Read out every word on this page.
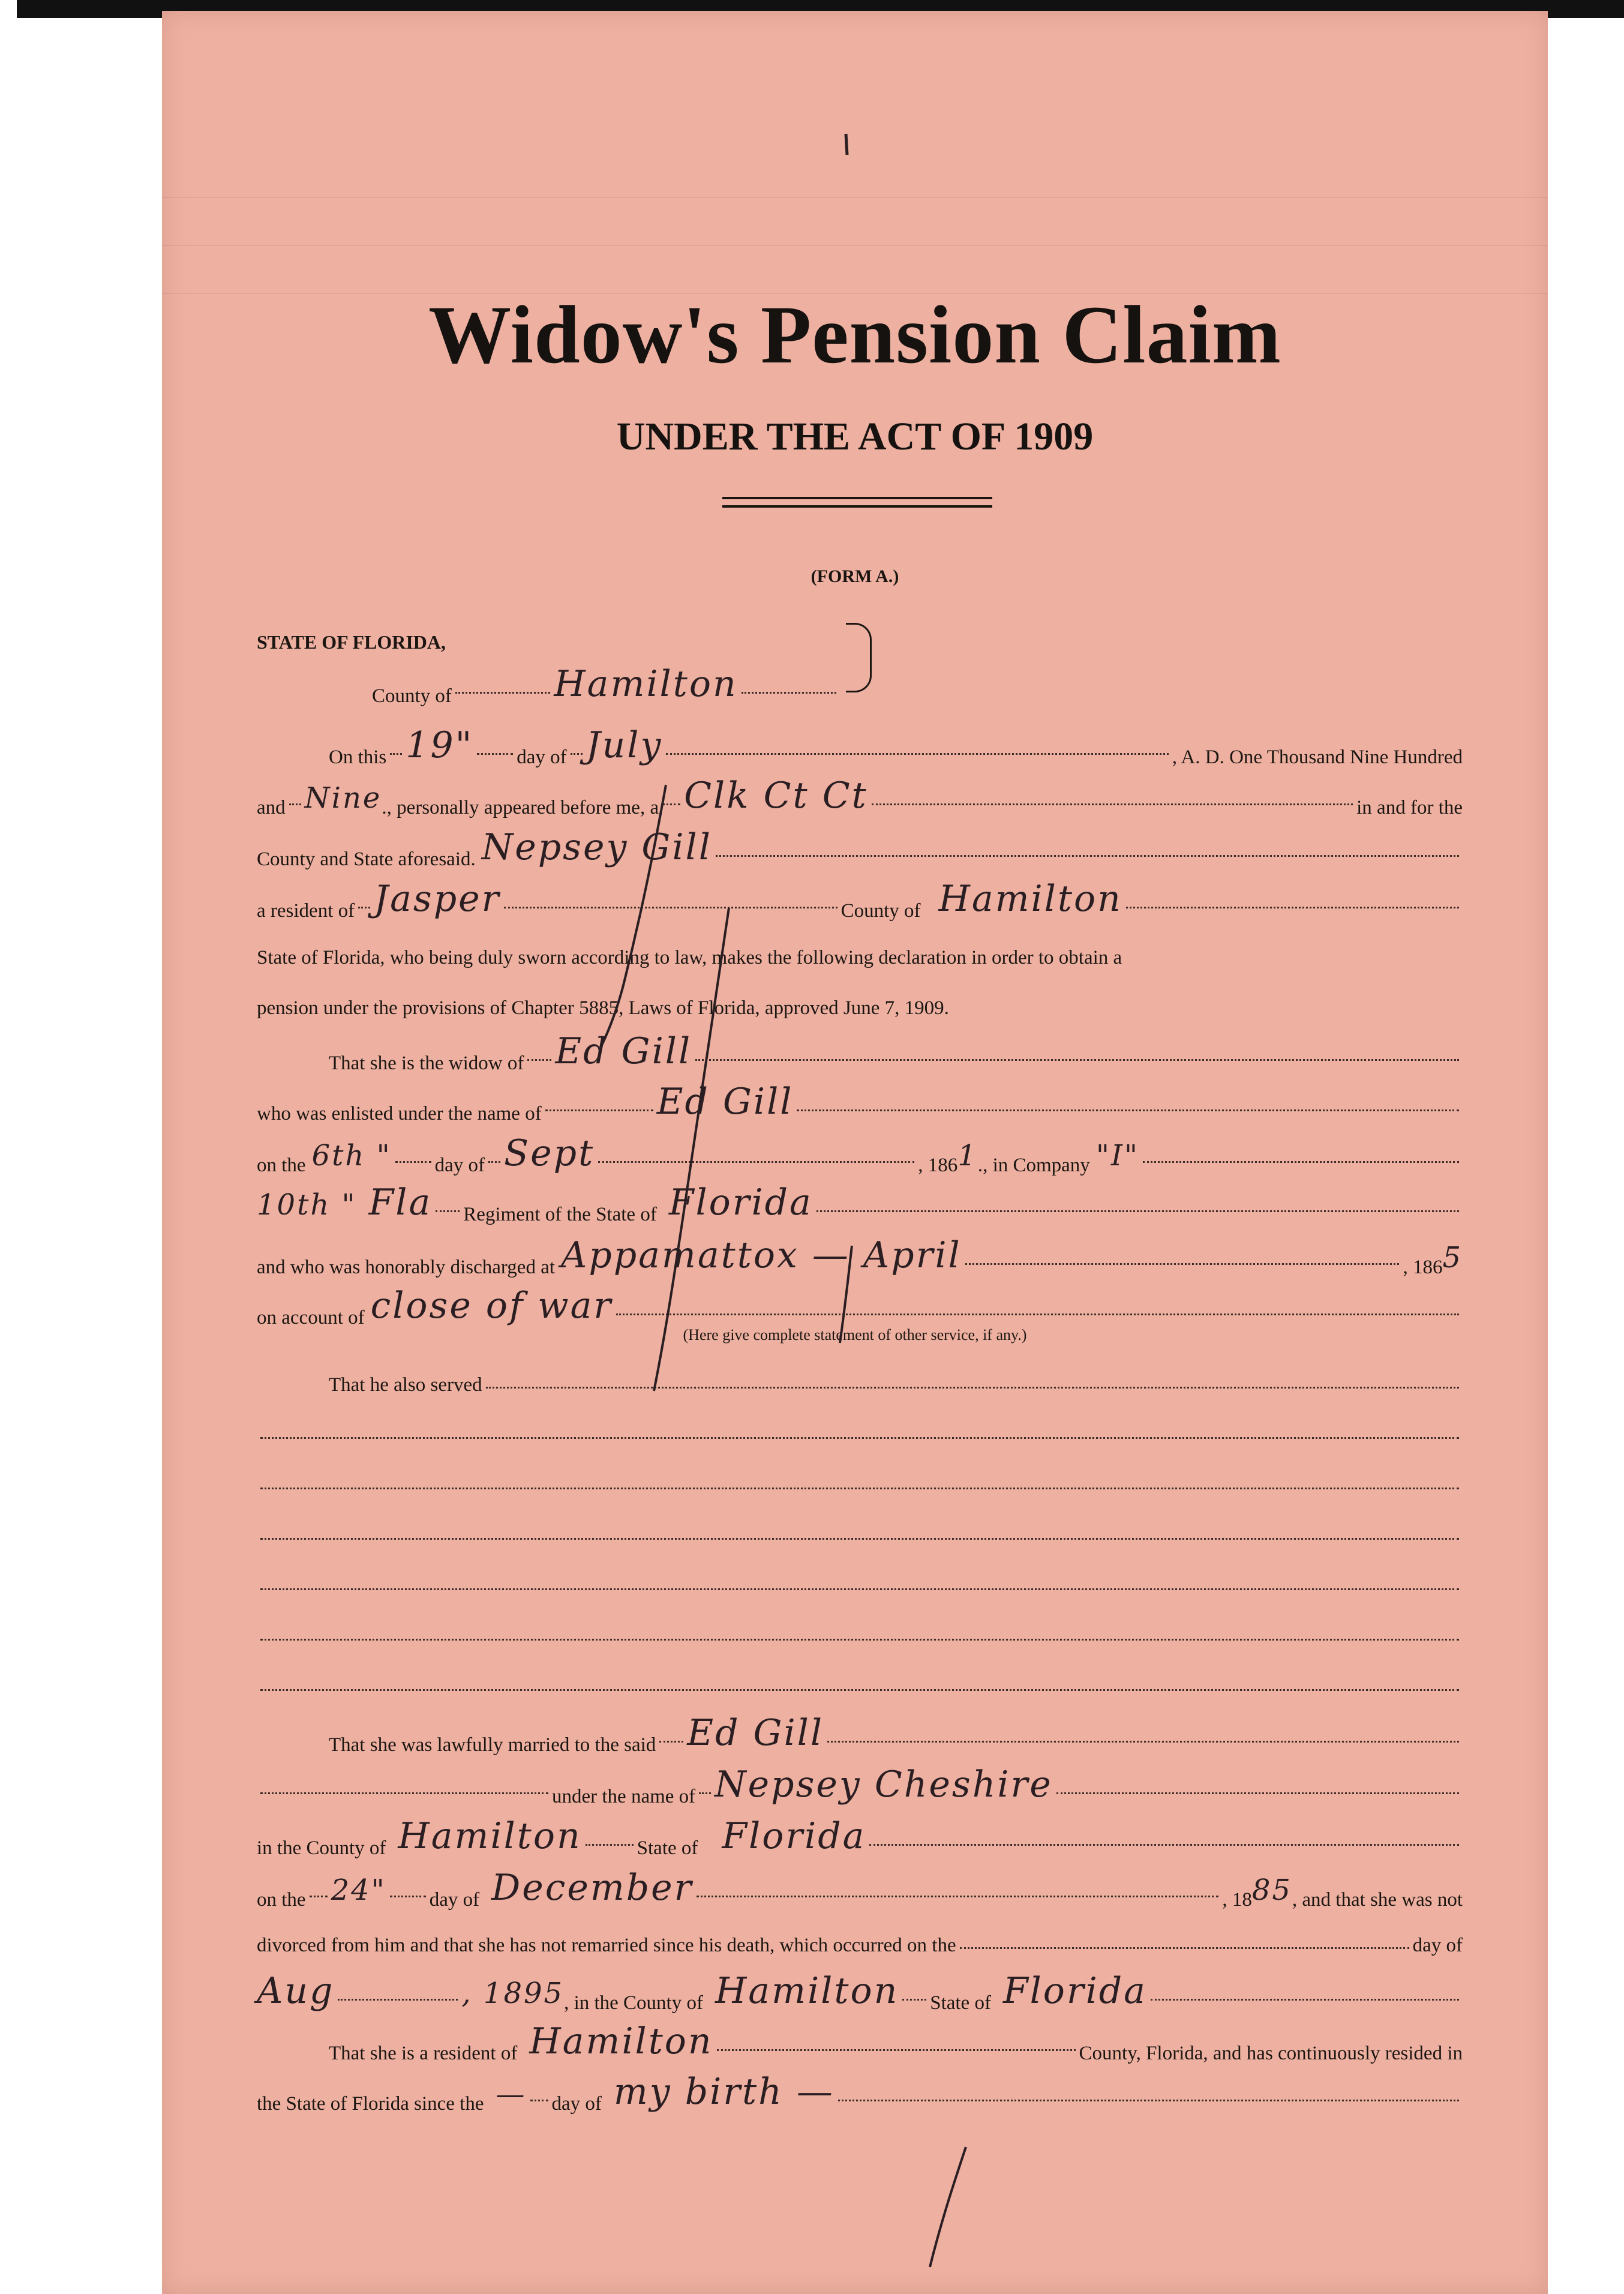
Widow's Pension Claim
UNDER THE ACT OF 1909
(FORM A.)
STATE OF FLORIDA,
County of	Hamilton
On this 19" day of July	, A. D. One Thousand Nine Hundred
and Nine ., personally appeared before me, a Clk Ct Ct	in and for the
County and State aforesaid. Nepsey Gill
a resident of Jasper	County of Hamilton
State of Florida, who being duly sworn according to law, makes the following declaration in order to obtain a
pension under the provisions of Chapter 5885, Laws of Florida, approved June 7, 1909.
That she is the widow of Ed Gill
who was enlisted under the name of	Ed Gill
on the 6th " day of Sept	, 186 1 ., in Company "I"
10th " Fla Regiment of the State of Florida
and who was honorably discharged at Appamattox — April	, 186 5
on account of close of war
(Here give complete statement of other service, if any.)
That he also served
That she was lawfully married to the said Ed Gill
under the name of Nepsey Cheshire
in the County of Hamilton	State of Florida
on the 24" day of December	, 18 85 , and that she was not
divorced from him and that she has not remarried since his death, which occurred on the	day of
Aug	, 1895 , in the County of Hamilton State of Florida
That she is a resident of Hamilton	County, Florida, and has continuously resided in
the State of Florida since the — day of my birth —
